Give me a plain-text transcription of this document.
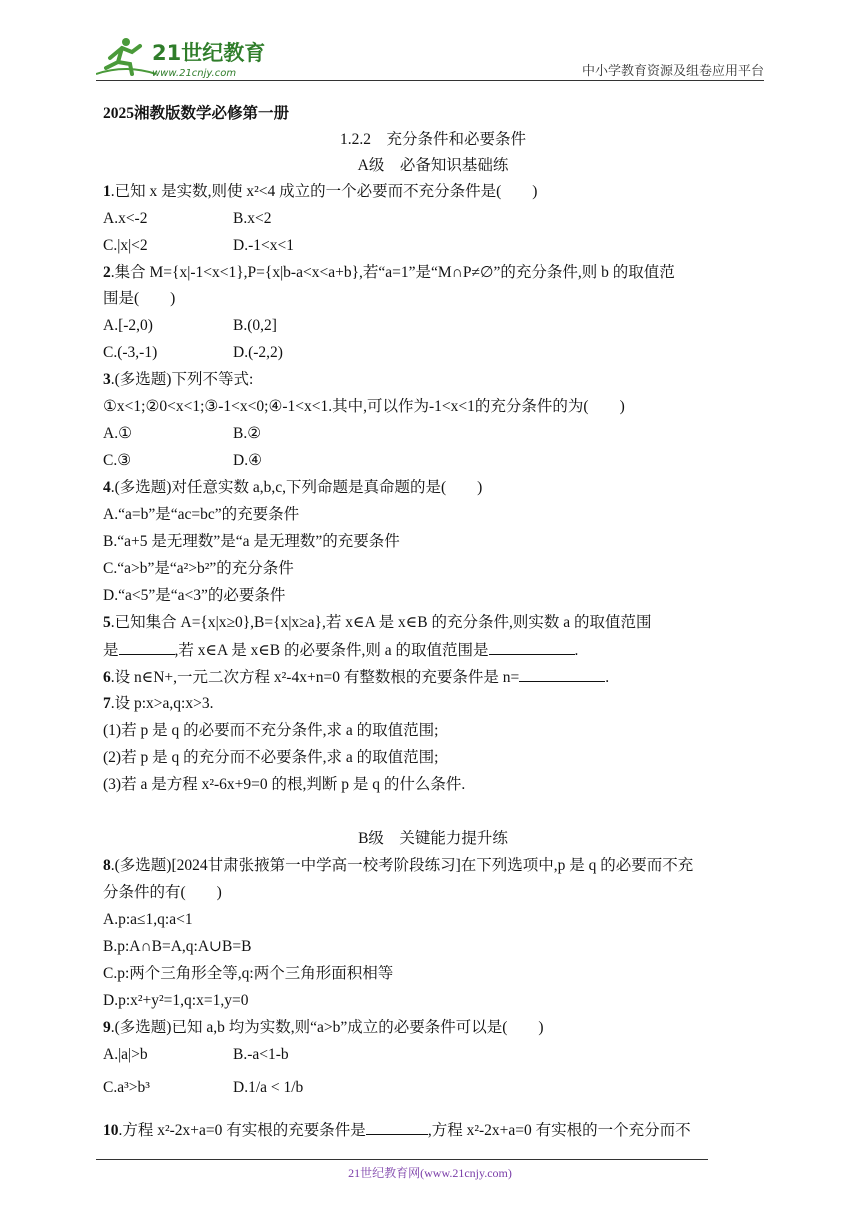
21世纪教育
www.21cnjy.com	中小学教育资源及组卷应用平台
2025湘教版数学必修第一册
1.2.2　充分条件和必要条件
A级　必备知识基础练
1.已知 x 是实数,则使 x²<4 成立的一个必要而不充分条件是(　　)
A.x<-2	B.x<2
C.|x|<2	D.-1<x<1
2.集合 M={x|-1<x<1},P={x|b-a<x<a+b},若“a=1”是“M∩P≠∅”的充分条件,则 b 的取值范
围是(　　)
A.[-2,0)	B.(0,2]
C.(-3,-1)	D.(-2,2)
3.(多选题)下列不等式:
①x<1;②0<x<1;③-1<x<0;④-1<x<1.其中,可以作为-1<x<1的充分条件的为(　　)
A.①	B.②
C.③	D.④
4.(多选题)对任意实数 a,b,c,下列命题是真命题的是(　　)
A.“a=b”是“ac=bc”的充要条件
B.“a+5 是无理数”是“a 是无理数”的充要条件
C.“a>b”是“a²>b²”的充分条件
D.“a<5”是“a<3”的必要条件
5.已知集合 A={x|x≥0},B={x|x≥a},若 x∈A 是 x∈B 的充分条件,则实数 a 的取值范围
是	,若 x∈A 是 x∈B 的必要条件,则 a 的取值范围是	.
6.设 n∈N+,一元二次方程 x²-4x+n=0 有整数根的充要条件是 n=	.
7.设 p:x>a,q:x>3.
(1)若 p 是 q 的必要而不充分条件,求 a 的取值范围;
(2)若 p 是 q 的充分而不必要条件,求 a 的取值范围;
(3)若 a 是方程 x²-6x+9=0 的根,判断 p 是 q 的什么条件.
B级　关键能力提升练
8.(多选题)[2024甘肃张掖第一中学高一校考阶段练习]在下列选项中,p 是 q 的必要而不充
分条件的有(　　)
A.p:a≤1,q:a<1
B.p:A∩B=A,q:A∪B=B
C.p:两个三角形全等,q:两个三角形面积相等
D.p:x²+y²=1,q:x=1,y=0
9.(多选题)已知 a,b 均为实数,则“a>b”成立的必要条件可以是(　　)
A.|a|>b	B.-a<1-b
C.a³>b³	D.1/a < 1/b
10.方程 x²-2x+a=0 有实根的充要条件是	,方程 x²-2x+a=0 有实根的一个充分而不
21世纪教育网(www.21cnjy.com)
